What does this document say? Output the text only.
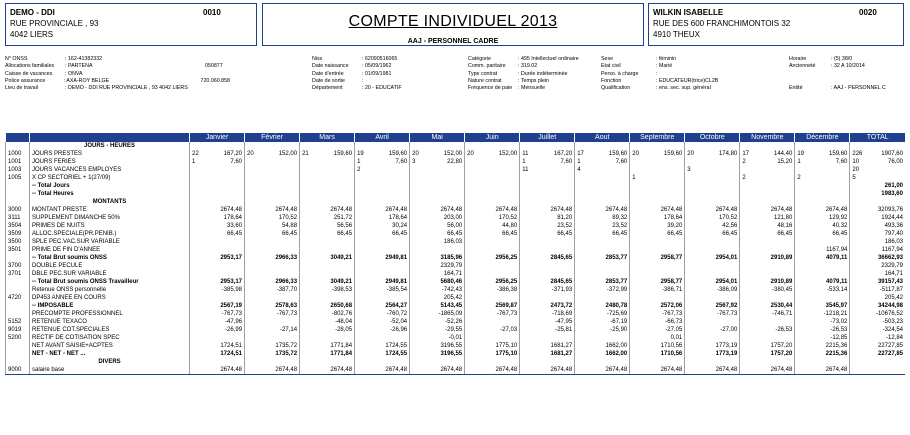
DEMO - DDI	0010
RUE PROVINCIALE , 93
4042 LIERS
COMPTE INDIVIDUEL 2013
AAJ - PERSONNEL CADRE
WILKIN ISABELLE	0020
RUE DES 600 FRANCHIMONTOIS 32
4910 THEUX
N° ONSS	: 162-41382332
Allocations familiales	: PARTENA	050877
Caisse de vacances	: ONVA
Police assurance	: AXA-ROY BELGE	720.060.858
Lieu de travail	: DEMO - DDI RUE PROVINCIALE , 93 4042 LIERS
Niss	: 62090516065
Date naissance	: 05/09/1962
Date d'entrée	: 01/09/1981
Date de sortie	:
Département	: 20 - EDUCATIF
Catégorie	: 495 Intellectuel ordinaire
Comm. paritaire	: 319.02
Type contrat	: Durée indéterminée
Nature contrat	: Temps plein
Fréquence de paie	: Mensuelle
Sexe	: féminin
Etat civil	: Marié
Perso. à charge	:
Fonction	: EDUCATEUR(trice)CL2B
Qualification	: ens. sec. sup. général
Horaire	: (5) 38/0
Ancienneté	: 32 A 10/2014
Entité	: AAJ - PERSONNEL C
		Janvier	Février	Mars	Avril	Mai	Juin	Juillet	Aout	Septembre	Octobre	Novembre	Décembre	TOTAL
	JOURS - HEURES													
1000	JOURS PRESTES	22 167,20	20 152,00	21 159,60	19 159,60	20 152,00	20 152,00	11 167,20	17 159,60	20 159,60	20 174,80	17 144,40	19 159,60	226 1907,60

1001	JOURS FERIES	1 7,60			1 7,60	3 22,80		1 7,60	1 7,60			2 15,20	1 7,60	10 76,00

1003	JOURS VACANCES EMPLOYES				2			11	4		3			20

1005	X CP SECTORIEL + 1(27/09)									1		2	2	5

	-- Total Jours													261,00

	-- Total Heures													1983,60

	MONTANTS													
3000	MONTANT PRESTE	2674,48	2674,48	2674,48	2674,48	2674,48	2674,48	2674,48	2674,48	2674,48	2674,48	2674,48	2674,48	32093,76
3111	SUPPLEMENT DIMANCHE 50%	178,64	170,52	251,72	178,64	203,00	170,52	81,20	89,32	178,64	170,52	121,80	129,92	1924,44
3504	PRIMES DE NUITS	33,60	54,88	56,56	30,24	56,00	44,80	23,52	23,52	39,20	42,56	48,16	40,32	493,36
3509	ALLOC.SPECIALE(PR.PENIB.)	66,45	66,45	66,45	66,45	66,45	66,45	66,45	66,45	66,45	66,45	66,45	66,45	797,40
3500	SPLE PEC.VAC.SUR VARIABLE					186,03								186,03
3501	PRIME DE FIN D'ANNEE												1167,94	1167,94
	-- Total Brut soumis ONSS	2953,17	2966,33	3049,21	2949,81	3185,96	2956,25	2845,65	2853,77	2958,77	2954,01	2910,89	4079,11	36662,93
3700	DOUBLE PECULE					2329,79								2329,79
3701	DBLE PEC.SUR VARIABLE					164,71								164,71
	-- Total Brut soumis ONSS Travailleur	2953,17	2966,33	3049,21	2949,81	5680,46	2956,25	2845,65	2853,77	2958,77	2954,01	2910,89	4079,11	39157,43
	Retenue ONSS personnelle	-385,98	-387,70	-398,53	-385,54	-742,43	-386,38	-371,93	-372,99	-386,71	-386,09	-380,45	-533,14	-5117,87
4720	DP453 ANNEE EN COURS					205,42								205,42
	-- IMPOSABLE	2567,19	2578,63	2650,68	2564,27	5143,45	2569,87	2473,72	2480,78	2572,06	2567,92	2530,44	3545,97	34244,98
	PRECOMPTE PROFESSIONNEL	-767,73	-767,73	-802,76	-760,72	-1865,09	-767,73	-718,69	-725,69	-767,73	-767,73	-746,71	-1218,21	-10676,52
5152	RETENUE TEXACO	-47,96		-48,04	-52,04	-52,26		-47,95	-67,19	-66,73			-73,02	-503,23
9019	RETENUE COT.SPECIALES	-26,99	-27,14	-28,05	-26,96	-29,55	-27,03	-25,81	-25,90	-27,05	-27,00	-26,53	-26,53	-324,54
5200	RECTIF DE COTISATION SPEC					-0,01				0,01			-12,85	-12,84
	NET AVANT SAISIE+ACPTES	1724,51	1735,72	1771,84	1724,55	3196,55	1775,10	1681,27	1662,00	1710,56	1773,19	1757,20	2215,36	22727,85
	NET - NET - NET ...	1724,51	1735,72	1771,84	1724,55	3196,55	1775,10	1681,27	1662,00	1710,56	1773,19	1757,20	2215,36	22727,85
	DIVERS													
9000	salaire base	2674,48	2674,48	2674,48	2674,48	2674,48	2674,48	2674,48	2674,48	2674,48	2674,48	2674,48	2674,48	
